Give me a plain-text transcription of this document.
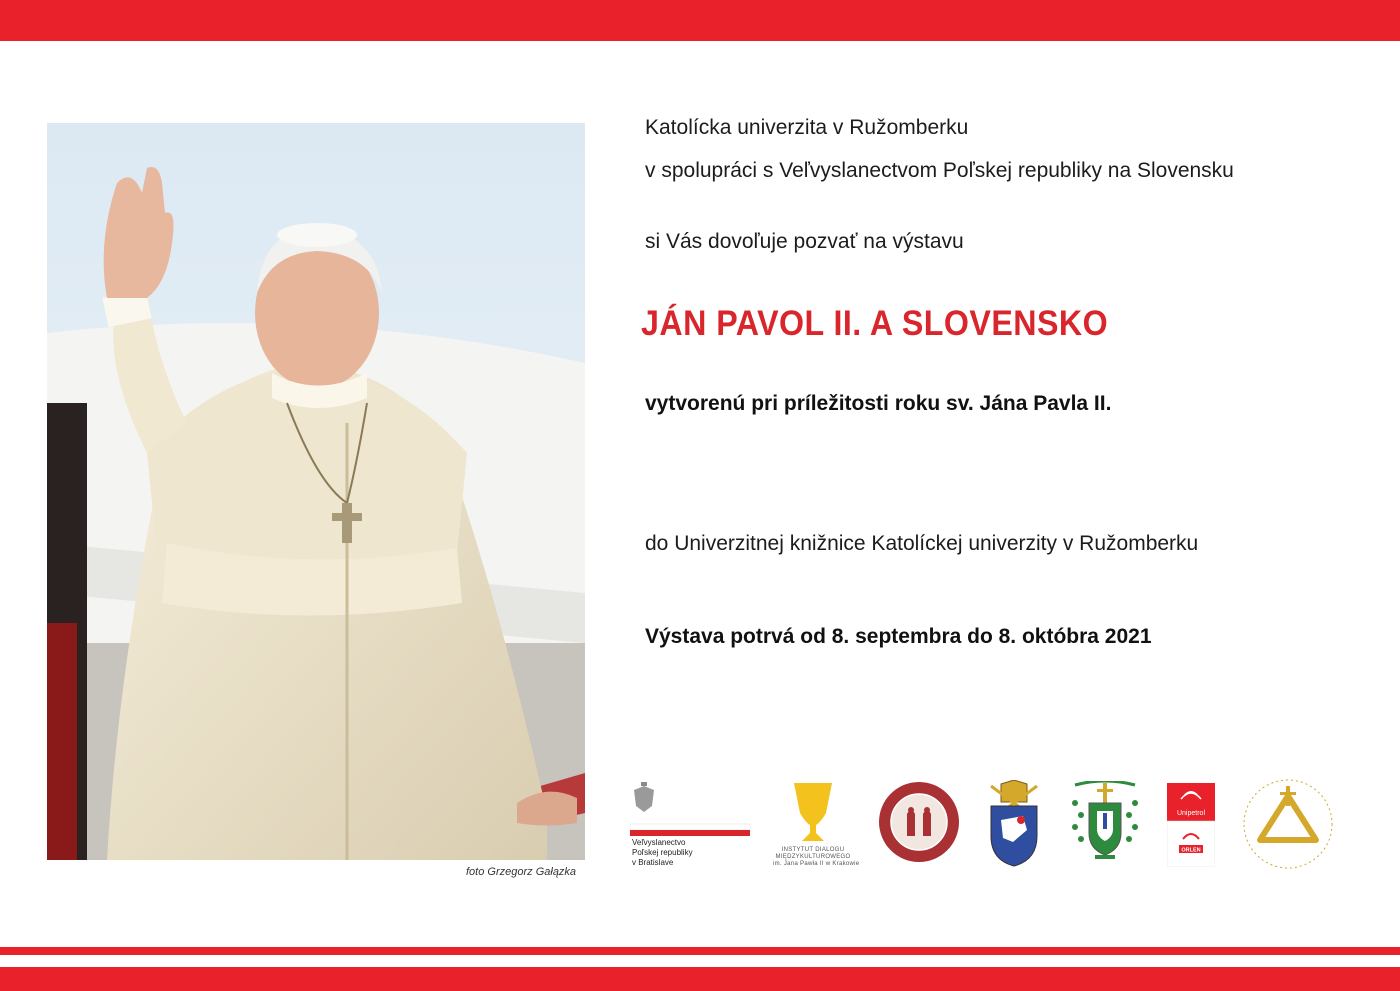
foto Grzegorz Gałązka
Katolícka univerzita v Ružomberku
v spolupráci s Veľvyslanectvom Poľskej republiky na Slovensku
si Vás dovoľuje pozvať na výstavu
JÁN PAVOL II. A SLOVENSKO
vytvorenú pri príležitosti roku sv. Jána Pavla II.
do Univerzitnej knižnice Katolíckej univerzity v Ružomberku
Výstava potrvá od 8. septembra do 8. októbra 2021
Veľvyslanectvo
Poľskej republiky
v Bratislave
INSTYTUT DIALOGU
MIĘDZYKULTUROWEGO
im. Jana Pawła II w Krakowie
Unipetrol
ORLEN
